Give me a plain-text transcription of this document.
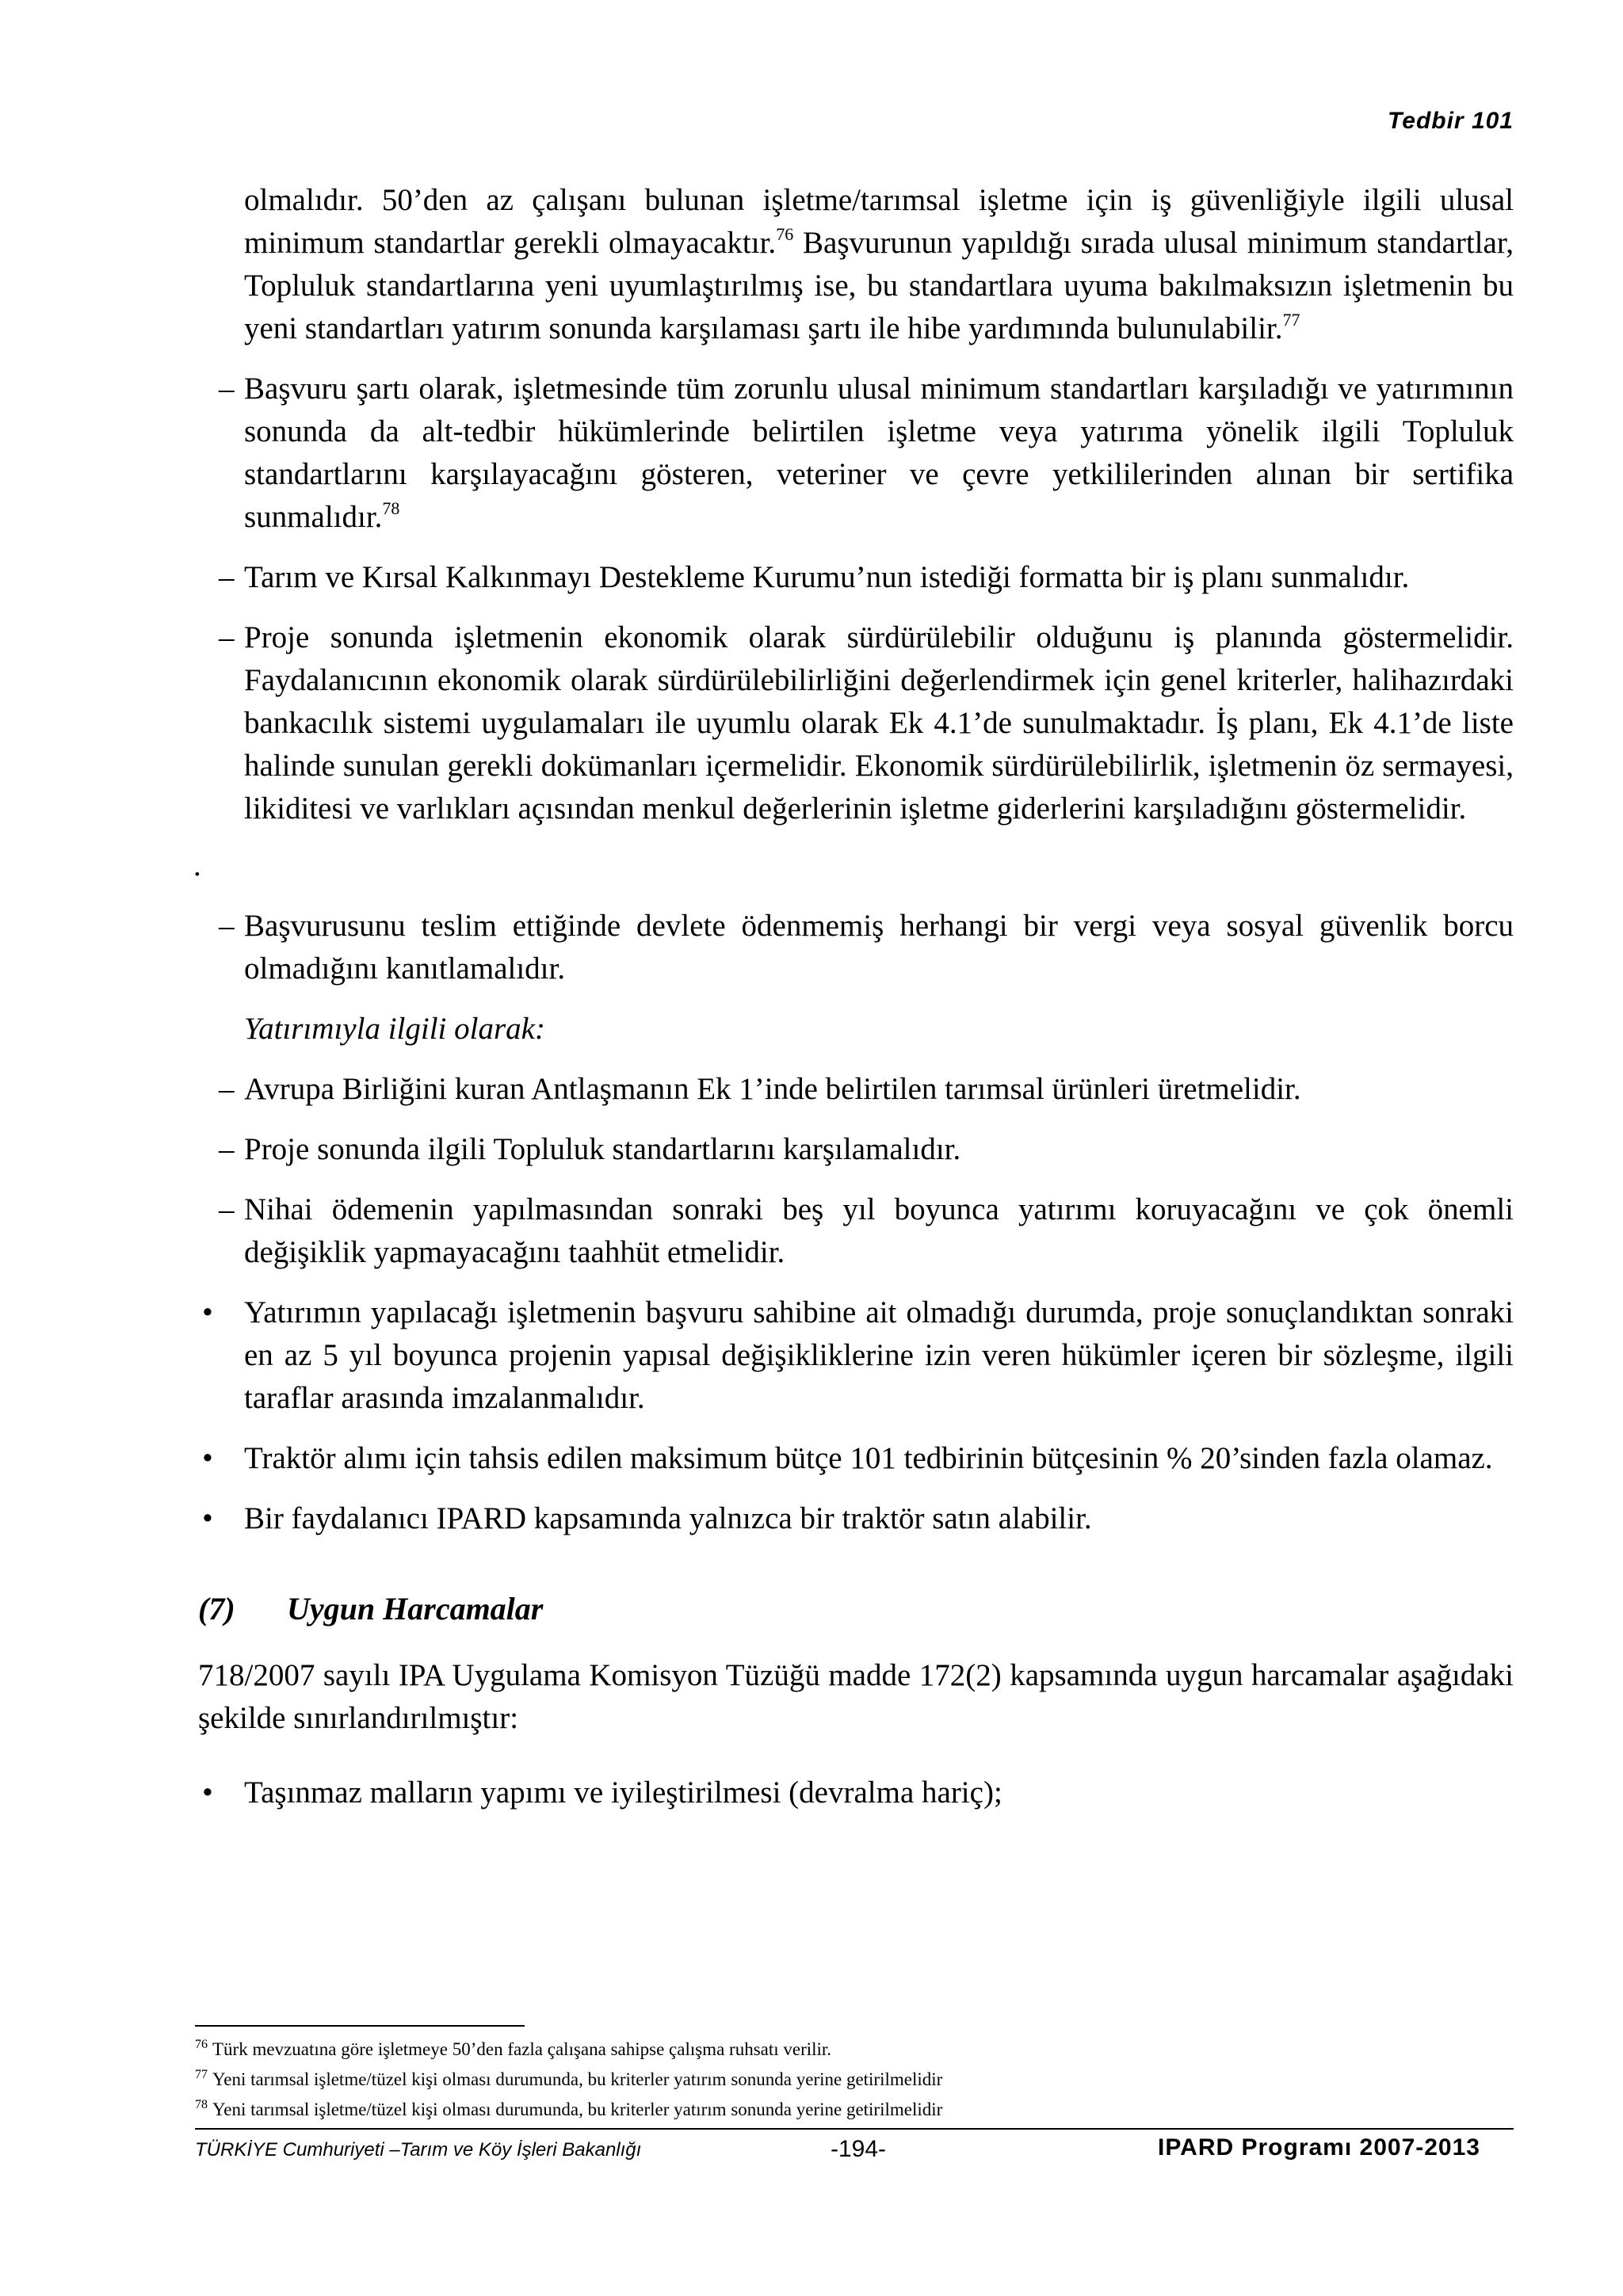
Tedbir 101

olmalıdır. 50’den az çalışanı bulunan işletme/tarımsal işletme için iş güvenliğiyle ilgili ulusal minimum standartlar gerekli olmayacaktır.$^{76}$ Başvurunun yapıldığı sırada ulusal minimum standartlar, Topluluk standartlarına yeni uyumlaştırılmış ise, bu standartlara uyuma bakılmaksızın işletmenin bu yeni standartları yatırım sonunda karşılaması şartı ile hibe yardımında bulunulabilir.$^{77}$

– Başvuru şartı olarak, işletmesinde tüm zorunlu ulusal minimum standartları karşıladığı ve yatırımının sonunda da alt-tedbir hükümlerinde belirtilen işletme veya yatırıma yönelik ilgili Topluluk standartlarını karşılayacağını gösteren, veteriner ve çevre yetkililerinden alınan bir sertifika sunmalıdır.$^{78}$

– Tarım ve Kırsal Kalkınmayı Destekleme Kurumu’nun istediği formatta bir iş planı sunmalıdır.

– Proje sonunda işletmenin ekonomik olarak sürdürülebilir olduğunu iş planında göstermelidir. Faydalanıcının ekonomik olarak sürdürülebilirliğini değerlendirmek için genel kriterler, halihazırdaki bankacılık sistemi uygulamaları ile uyumlu olarak Ek 4.1’de sunulmaktadır. İş planı, Ek 4.1’de liste halinde sunulan gerekli dokümanları içermelidir. Ekonomik sürdürülebilirlik, işletmenin öz sermayesi, likiditesi ve varlıkları açısından menkul değerlerinin işletme giderlerini karşıladığını göstermelidir.

.

– Başvurusunu teslim ettiğinde devlete ödenmemiş herhangi bir vergi veya sosyal güvenlik borcu olmadığını kanıtlamalıdır.

Yatırımıyla ilgili olarak:

– Avrupa Birliğini kuran Antlaşmanın Ek 1’inde belirtilen tarımsal ürünleri üretmelidir.

– Proje sonunda ilgili Topluluk standartlarını karşılamalıdır.

– Nihai ödemenin yapılmasından sonraki beş yıl boyunca yatırımı koruyacağını ve çok önemli değişiklik yapmayacağını taahhüt etmelidir.

• Yatırımın yapılacağı işletmenin başvuru sahibine ait olmadığı durumda, proje sonuçlandıktan sonraki en az 5 yıl boyunca projenin yapısal değişikliklerine izin veren hükümler içeren bir sözleşme, ilgili taraflar arasında imzalanmalıdır.

• Traktör alımı için tahsis edilen maksimum bütçe 101 tedbirinin bütçesinin % 20’sinden fazla olamaz.

• Bir faydalanıcı IPARD kapsamında yalnızca bir traktör satın alabilir.

(7)	Uygun Harcamalar

718/2007 sayılı IPA Uygulama Komisyon Tüzüğü madde 172(2) kapsamında uygun harcamalar aşağıdaki şekilde sınırlandırılmıştır:

• Taşınmaz malların yapımı ve iyileştirilmesi (devralma hariç);

$^{76}$ Türk mevzuatına göre işletmeye 50’den fazla çalışana sahipse çalışma ruhsatı verilir.

$^{77}$ Yeni tarımsal işletme/tüzel kişi olması durumunda, bu kriterler yatırım sonunda yerine getirilmelidir

$^{78}$ Yeni tarımsal işletme/tüzel kişi olması durumunda, bu kriterler yatırım sonunda yerine getirilmelidir

TÜRKİYE Cumhuriyeti –Tarım ve Köy İşleri Bakanlığı	-194-	IPARD Programı 2007-2013
